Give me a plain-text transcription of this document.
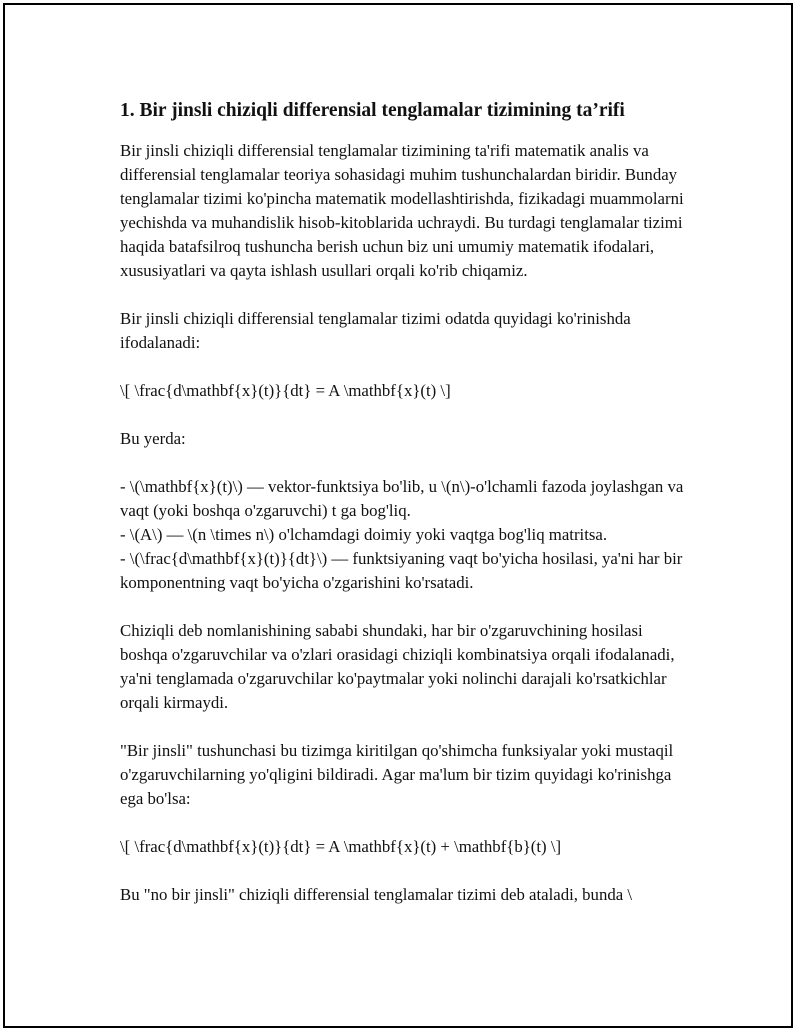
1. Bir jinsli chiziqli differensial tenglamalar tizimining ta’rifi

Bir jinsli chiziqli differensial tenglamalar tizimining ta'rifi matematik analis va differensial tenglamalar teoriya sohasidagi muhim tushunchalardan biridir. Bunday tenglamalar tizimi ko'pincha matematik modellashtirishda, fizikadagi muammolarni yechishda va muhandislik hisob-kitoblarida uchraydi. Bu turdagi tenglamalar tizimi haqida batafsilroq tushuncha berish uchun biz uni umumiy matematik ifodalari, xususiyatlari va qayta ishlash usullari orqali ko'rib chiqamiz.

Bir jinsli chiziqli differensial tenglamalar tizimi odatda quyidagi ko'rinishda ifodalanadi:

\[ \frac{d\mathbf{x}(t)}{dt} = A \mathbf{x}(t) \]

Bu yerda:

- \(\mathbf{x}(t)\) — vektor-funktsiya bo'lib, u \(n\)-o'lchamli fazoda joylashgan va vaqt (yoki boshqa o'zgaruvchi) t ga bog'liq.
- \(A\) — \(n \times n\) o'lchamdagi doimiy yoki vaqtga bog'liq matritsa.
- \(\frac{d\mathbf{x}(t)}{dt}\) — funktsiyaning vaqt bo'yicha hosilasi, ya'ni har bir komponentning vaqt bo'yicha o'zgarishini ko'rsatadi.

Chiziqli deb nomlanishining sababi shundaki, har bir o'zgaruvchining hosilasi boshqa o'zgaruvchilar va o'zlari orasidagi chiziqli kombinatsiya orqali ifodalanadi, ya'ni tenglamada o'zgaruvchilar ko'paytmalar yoki nolinchi darajali ko'rsatkichlar orqali kirmaydi.

"Bir jinsli" tushunchasi bu tizimga kiritilgan qo'shimcha funksiyalar yoki mustaqil o'zgaruvchilarning yo'qligini bildiradi. Agar ma'lum bir tizim quyidagi ko'rinishga ega bo'lsa:

\[ \frac{d\mathbf{x}(t)}{dt} = A \mathbf{x}(t) + \mathbf{b}(t) \]

Bu "no bir jinsli" chiziqli differensial tenglamalar tizimi deb ataladi, bunda \
